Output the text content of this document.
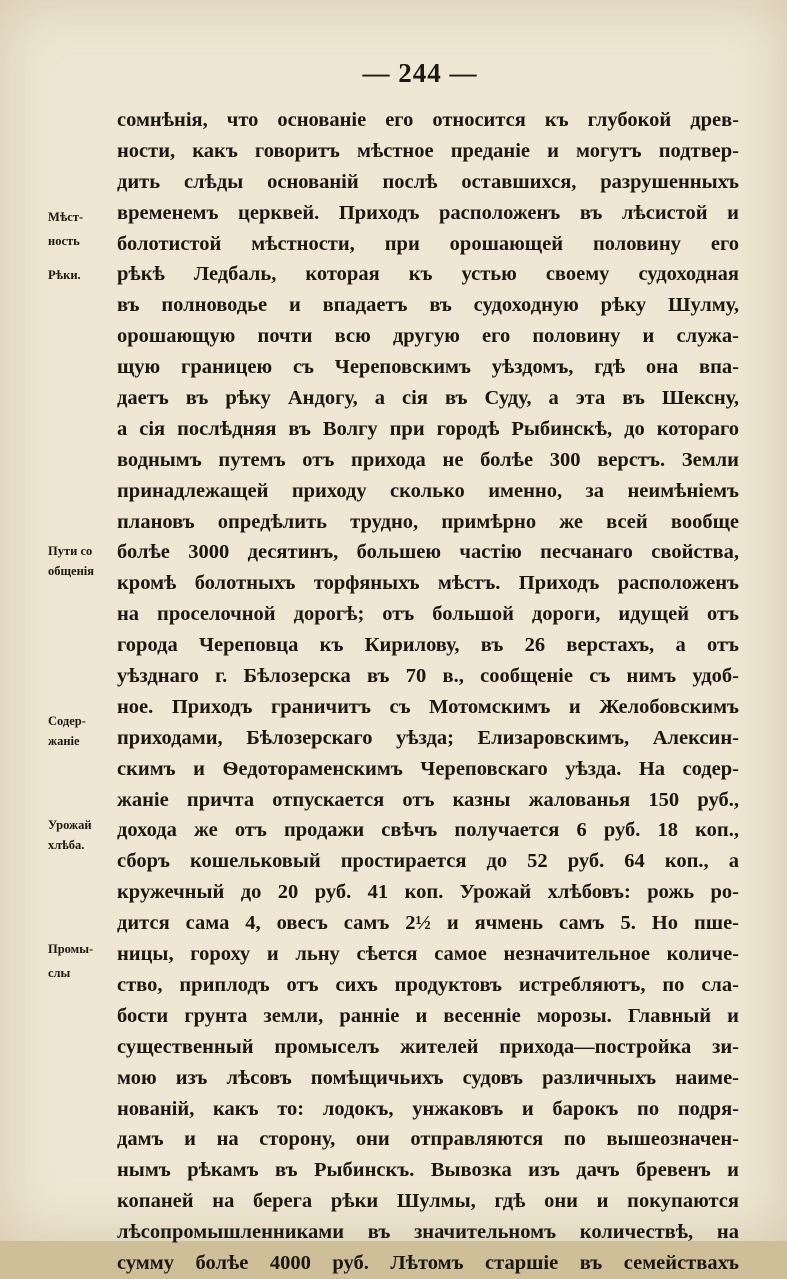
— 244 —
Мѣст-
ность
Рѣки.
Пути со
общенія
Содер-
жаніе
Урожай
хлѣба.
Промы-
слы
сомнѣнія, что основаніе его относится къ глубокой древ-
ности, какъ говоритъ мѣстное преданіе и могутъ подтвер-
дить слѣды основаній послѣ оставшихся, разрушенныхъ
временемъ церквей. Приходъ расположенъ въ лѣсистой и
болотистой мѣстности, при орошающей половину его
рѣкѣ Ледбаль, которая къ устью своему судоходная
въ полноводье и впадаетъ въ судоходную рѣку Шулму,
орошающую почти всю другую его половину и служа-
щую границею съ Череповскимъ уѣздомъ, гдѣ она впа-
даетъ въ рѣку Андогу, а сія въ Суду, а эта въ Шексну,
а сія послѣдняя въ Волгу при городѣ Рыбинскѣ, до котораго
воднымъ путемъ отъ прихода не болѣе 300 верстъ. Земли
принадлежащей приходу сколько именно, за неимѣніемъ
плановъ опредѣлить трудно, примѣрно же всей вообще
болѣе 3000 десятинъ, большею частію песчанаго свойства,
кромѣ болотныхъ торфяныхъ мѣстъ. Приходъ расположенъ
на проселочной дорогѣ; отъ большой дороги, идущей отъ
города Череповца къ Кирилову, въ 26 верстахъ, а отъ
уѣзднаго г. Бѣлозерска въ 70 в., сообщеніе съ нимъ удоб-
ное. Приходъ граничитъ съ Мотомскимъ и Желобовскимъ
приходами, Бѣлозерскаго уѣзда; Елизаровскимъ, Алексин-
скимъ и Ѳедотораменскимъ Череповскаго уѣзда. На содер-
жаніе причта отпускается отъ казны жалованья 150 руб.,
дохода же отъ продажи свѣчъ получается 6 руб. 18 коп.,
сборъ кошельковый простирается до 52 руб. 64 коп., а
кружечный до 20 руб. 41 коп. Урожай хлѣбовъ: рожь ро-
дится сама 4, овесъ самъ 2½ и ячмень самъ 5. Но пше-
ницы, гороху и льну сѣется самое незначительное количе-
ство, приплодъ отъ сихъ продуктовъ истребляютъ, по сла-
бости грунта земли, ранніе и весенніе морозы. Главный и
существенный промыселъ жителей прихода—постройка зи-
мою изъ лѣсовъ помѣщичьихъ судовъ различныхъ наиме-
нованій, какъ то: лодокъ, унжаковъ и барокъ по подря-
дамъ и на сторону, они отправляются по вышеозначен-
нымъ рѣкамъ въ Рыбинскъ. Вывозка изъ дачъ бревенъ и
копаней на берега рѣки Шулмы, гдѣ они и покупаются
лѣсопромышленниками въ значительномъ количествѣ, на
сумму болѣе 4000 руб. Лѣтомъ старшіе въ семействахъ
